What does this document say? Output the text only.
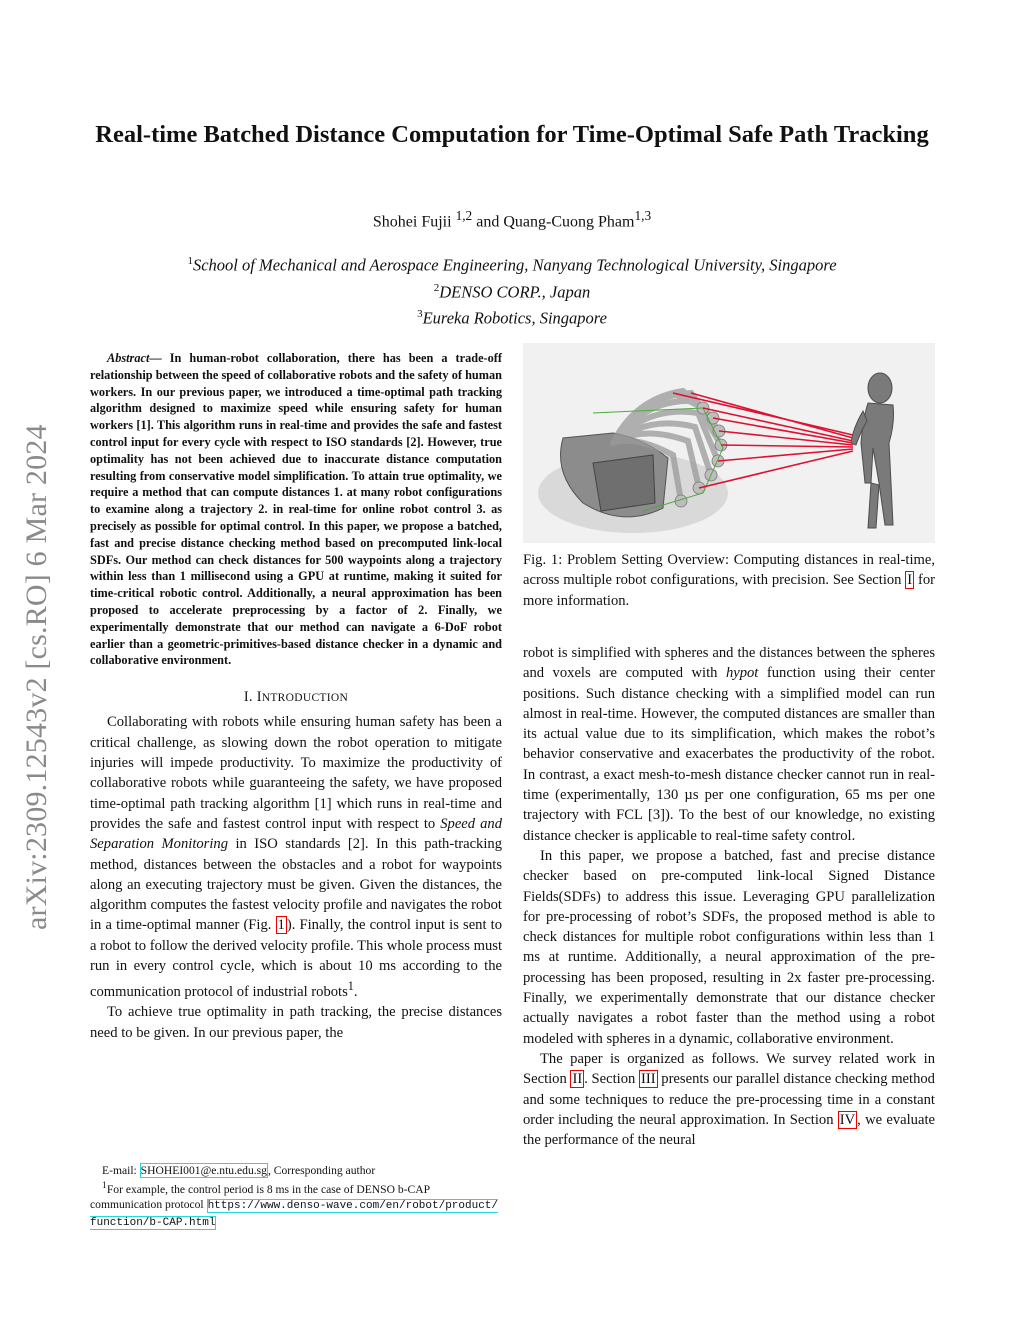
Real-time Batched Distance Computation for Time-Optimal Safe Path Tracking
Shohei Fujii $^{1,2}$ and Quang-Cuong Pham$^{1,3}$
$^1$School of Mechanical and Aerospace Engineering, Nanyang Technological University, Singapore
$^2$DENSO CORP., Japan
$^3$Eureka Robotics, Singapore
arXiv:2309.12543v2 [cs.RO] 6 Mar 2024

Abstract— In human-robot collaboration, there has been a trade-off relationship between the speed of collaborative robots and the safety of human workers. In our previous paper, we introduced a time-optimal path tracking algorithm designed to maximize speed while ensuring safety for human workers [1]. This algorithm runs in real-time and provides the safe and fastest control input for every cycle with respect to ISO standards [2]. However, true optimality has not been achieved due to inaccurate distance computation resulting from conservative model simplification. To attain true optimality, we require a method that can compute distances 1. at many robot configurations to examine along a trajectory 2. in real-time for online robot control 3. as precisely as possible for optimal control. In this paper, we propose a batched, fast and precise distance checking method based on precomputed link-local SDFs. Our method can check distances for 500 waypoints along a trajectory within less than 1 millisecond using a GPU at runtime, making it suited for time-critical robotic control. Additionally, a neural approximation has been proposed to accelerate preprocessing by a factor of 2. Finally, we experimentally demonstrate that our method can navigate a 6-DoF robot earlier than a geometric-primitives-based distance checker in a dynamic and collaborative environment.

I. INTRODUCTION

Collaborating with robots while ensuring human safety has been a critical challenge, as slowing down the robot operation to mitigate injuries will impede productivity. To maximize the productivity of collaborative robots while guaranteeing the safety, we have proposed time-optimal path tracking algorithm [1] which runs in real-time and provides the safe and fastest control input with respect to Speed and Separation Monitoring in ISO standards [2]. In this path-tracking method, distances between the obstacles and a robot for waypoints along an executing trajectory must be given. Given the distances, the algorithm computes the fastest velocity profile and navigates the robot in a time-optimal manner (Fig. 1 ). Finally, the control input is sent to a robot to follow the derived velocity profile. This whole process must run in every control cycle, which is about 10 ms according to the communication protocol of industrial robots$^1$.

To achieve true optimality in path tracking, the precise distances need to be given. In our previous paper, the

E-mail: SHOHEI001@e.ntu.edu.sg, Corresponding author

$^1$For example, the control period is 8 ms in the case of DENSO b-CAP communication protocol https://www.denso-wave.com/en/robot/product/function/b-CAP.html

Fig. 1: Problem Setting Overview: Computing distances in real-time, across multiple robot configurations, with precision. See Section I for more information.

robot is simplified with spheres and the distances between the spheres and voxels are computed with hypot function using their center positions. Such distance checking with a simplified model can run almost in real-time. However, the computed distances are smaller than its actual value due to its simplification, which makes the robot’s behavior conservative and exacerbates the productivity of the robot. In contrast, a exact mesh-to-mesh distance checker cannot run in real-time (experimentally, 130 µs per one configuration, 65 ms per one trajectory with FCL [3]). To the best of our knowledge, no existing distance checker is applicable to real-time safety control.

In this paper, we propose a batched, fast and precise distance checker based on pre-computed link-local Signed Distance Fields(SDFs) to address this issue. Leveraging GPU parallelization for pre-processing of robot’s SDFs, the proposed method is able to check distances for multiple robot configurations within less than 1 ms at runtime. Additionally, a neural approximation of the pre-processing has been proposed, resulting in 2x faster pre-processing. Finally, we experimentally demonstrate that our distance checker actually navigates a robot faster than the method using a robot modeled with spheres in a dynamic, collaborative environment.

The paper is organized as follows. We survey related work in Section II . Section III presents our parallel distance checking method and some techniques to reduce the pre-processing time in a constant order including the neural approximation. In Section IV , we evaluate the performance of the neural
